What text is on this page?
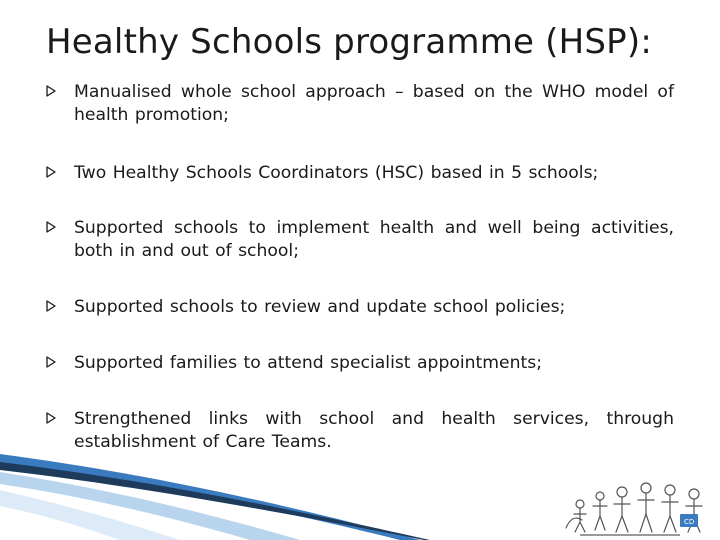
Healthy Schools programme (HSP):
Manualised whole school approach – based on the WHO model of health promotion;
Two Healthy Schools Coordinators (HSC) based in 5 schools;
Supported schools to implement health and well being activities, both in and out of school;
Supported schools to review and update school policies;
Supported families to attend specialist appointments;
Strengthened links with school and health services, through establishment of Care Teams.
CD
